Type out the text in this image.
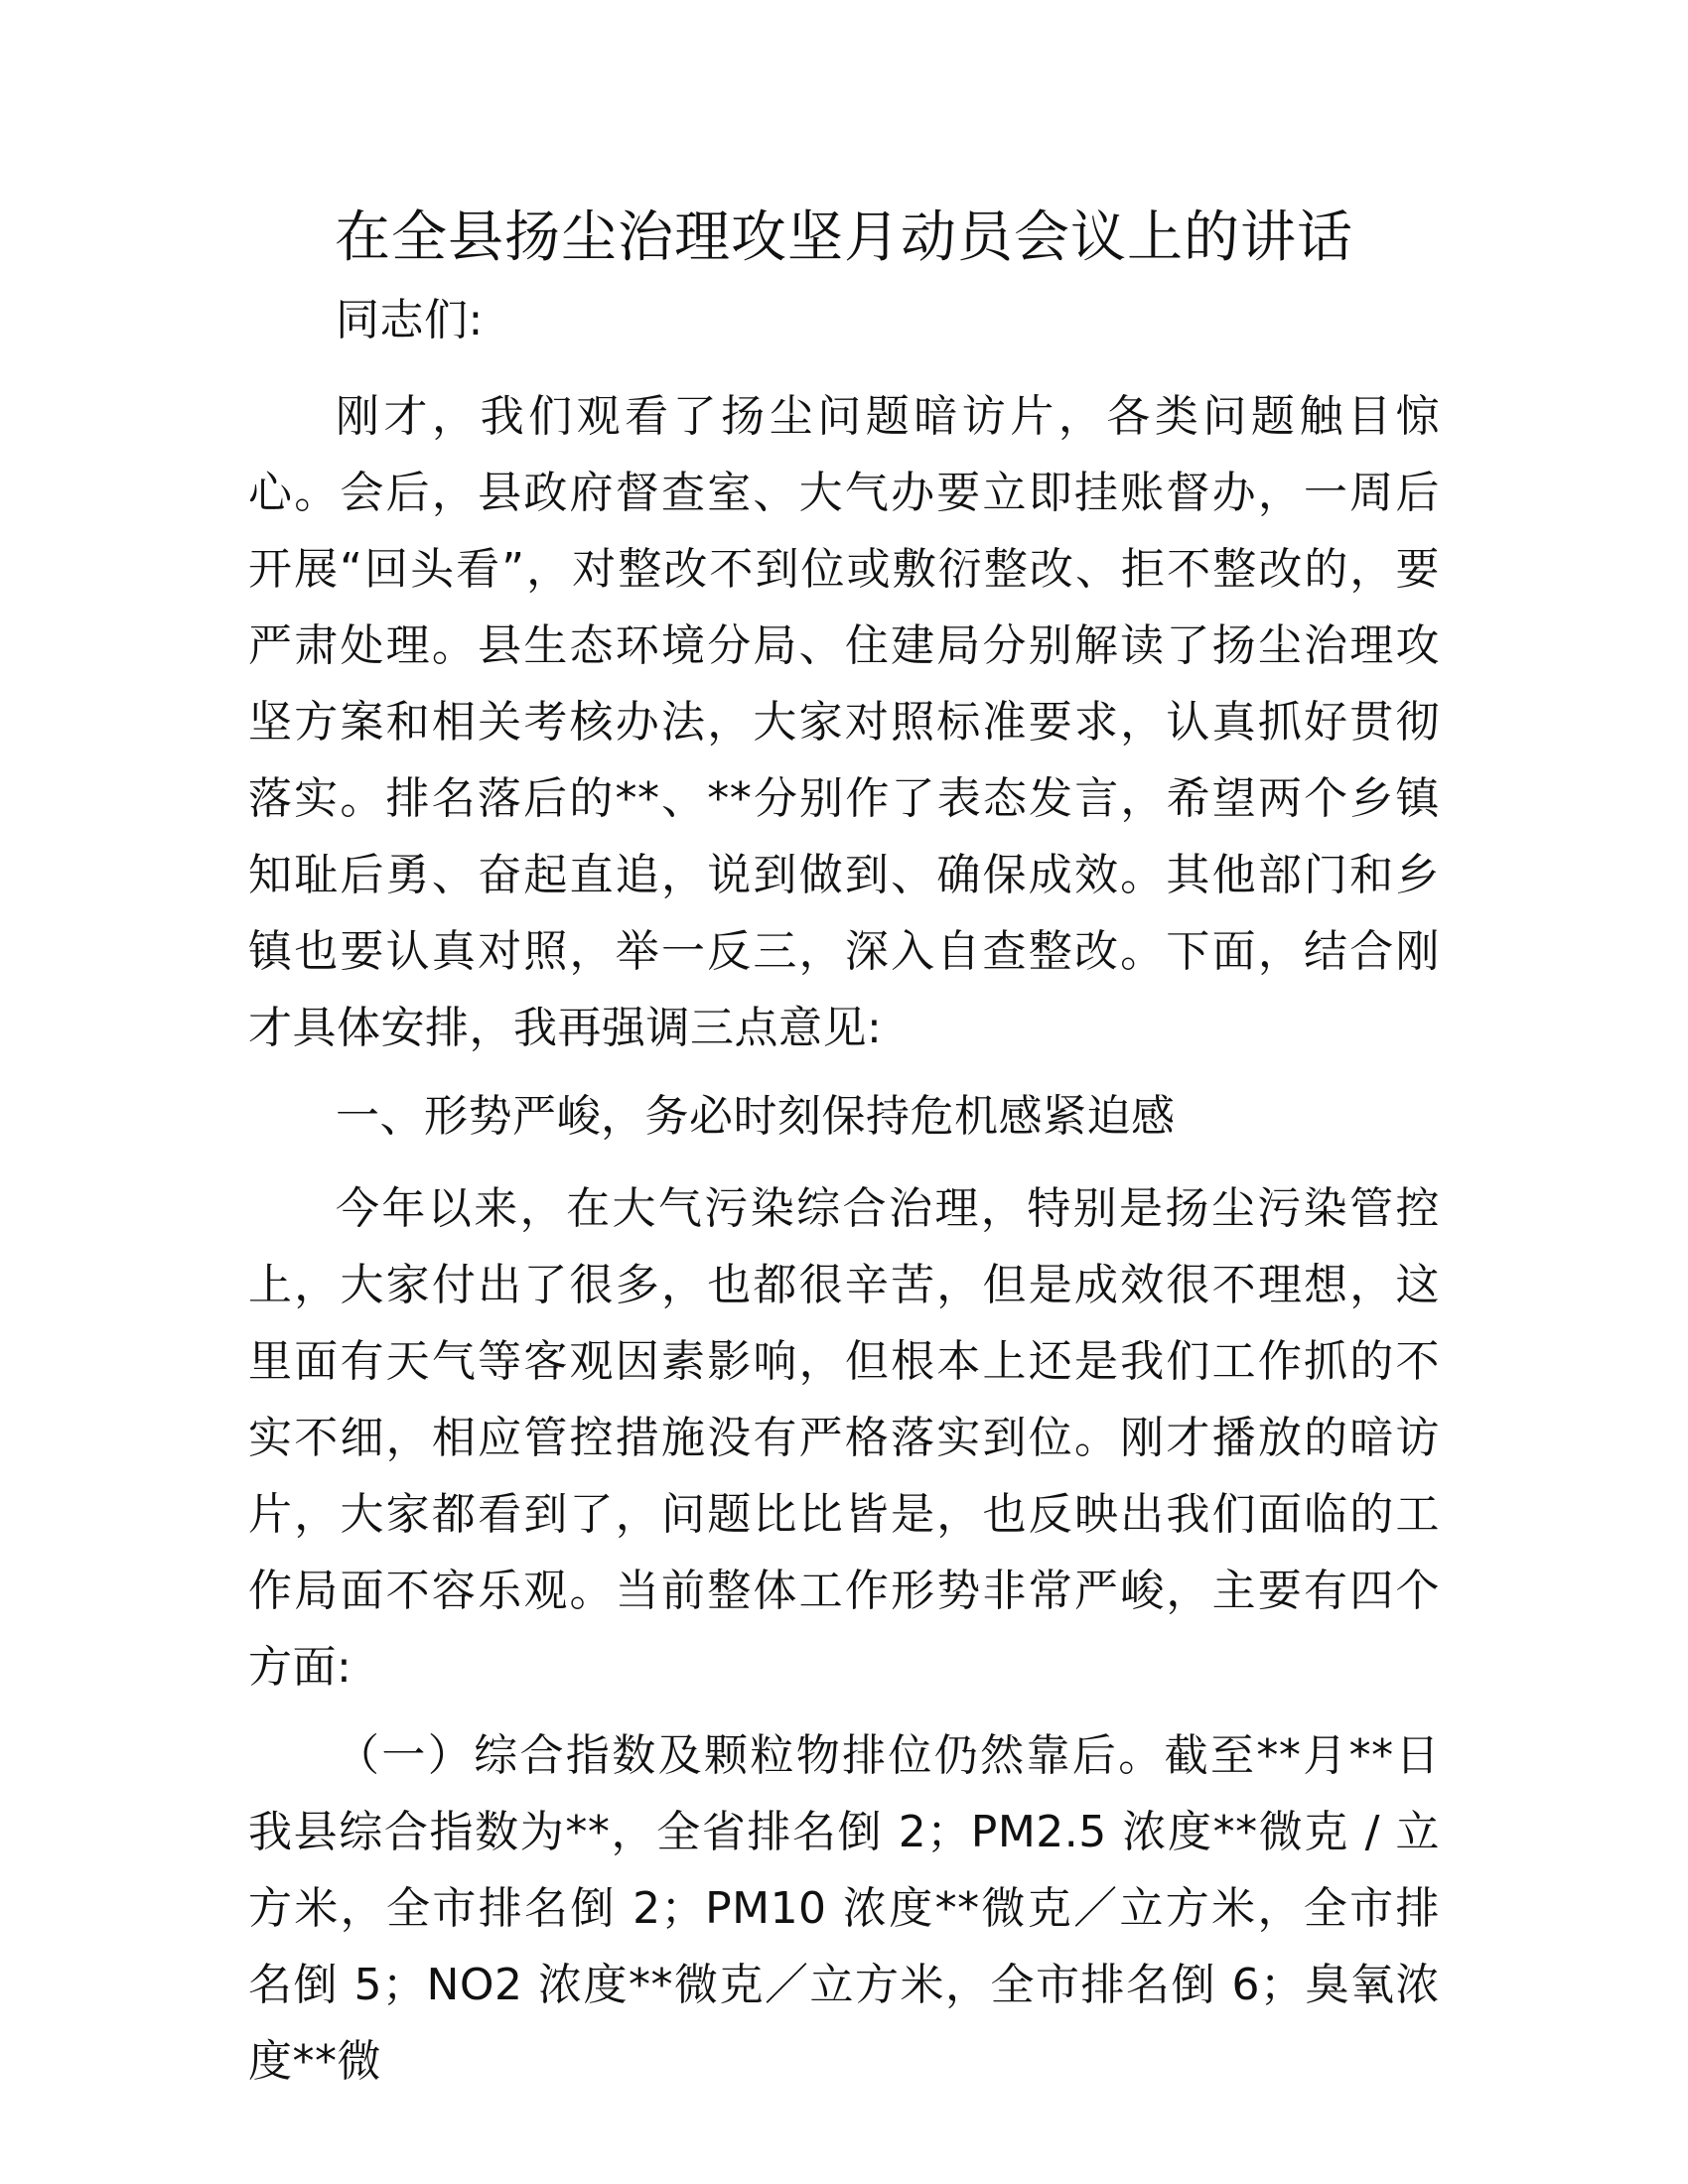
在全县扬尘治理攻坚月动员会议上的讲话
同志们:
刚才，我们观看了扬尘问题暗访片，各类问题触目惊心。会后，县政府督查室、大气办要立即挂账督办，一周后开展“回头看”，对整改不到位或敷衍整改、拒不整改的，要严肃处理。县生态环境分局、住建局分别解读了扬尘治理攻坚方案和相关考核办法，大家对照标准要求，认真抓好贯彻落实。排名落后的**、**分别作了表态发言，希望两个乡镇知耻后勇、奋起直追，说到做到、确保成效。其他部门和乡镇也要认真对照，举一反三，深入自查整改。下面，结合刚才具体安排，我再强调三点意见:
一、形势严峻，务必时刻保持危机感紧迫感
今年以来，在大气污染综合治理，特别是扬尘污染管控上，大家付出了很多，也都很辛苦，但是成效很不理想，这里面有天气等客观因素影响，但根本上还是我们工作抓的不实不细，相应管控措施没有严格落实到位。刚才播放的暗访片，大家都看到了，问题比比皆是，也反映出我们面临的工作局面不容乐观。当前整体工作形势非常严峻，主要有四个方面:
（一）综合指数及颗粒物排位仍然靠后。截至**月**日我县综合指数为**，全省排名倒 2；PM2.5 浓度**微克 / 立方米，全市排名倒 2；PM10 浓度**微克／立方米，全市排名倒 5；NO2 浓度**微克／立方米，全市排名倒 6；臭氧浓度**微
